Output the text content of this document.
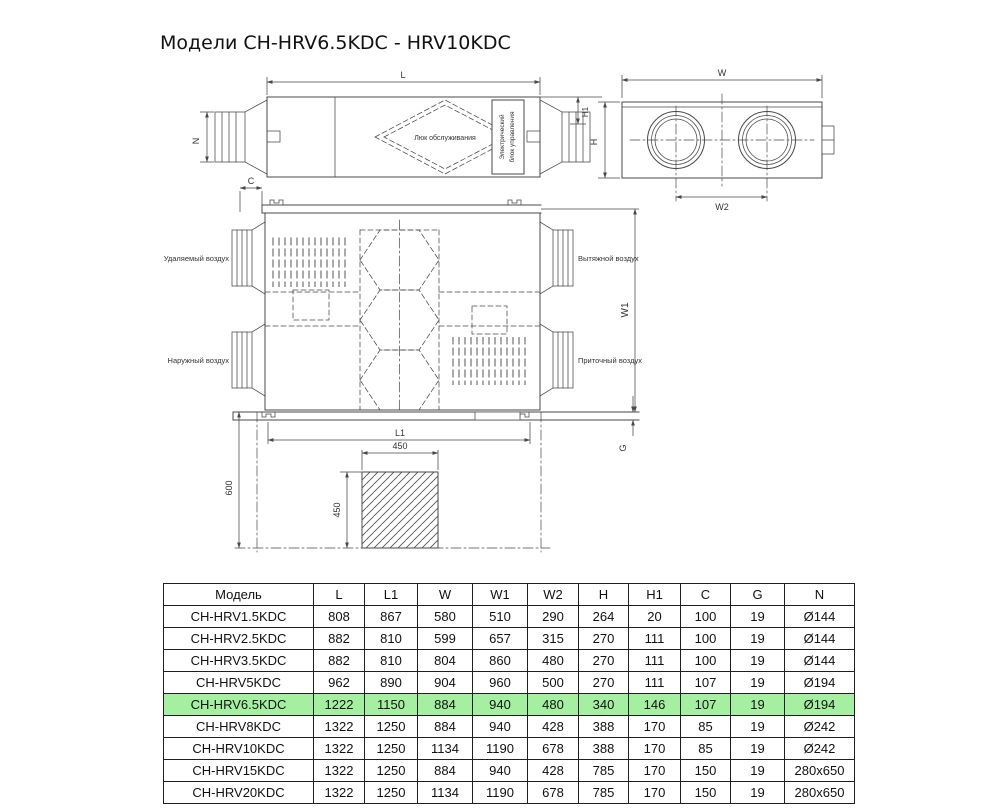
Модели CH-HRV6.5KDC - HRV10KDC
L
Люк обслуживания	Электрический блок управления
N
H1
W
H
W2
C
Удаляемый воздух
Наружный воздух
Вытяжной воздух
Приточный воздух
W1
G
L1
600
450
450
Модель	L	L1	W	W1	W2	H	H1	C	G	N
CH-HRV1.5KDC	808	867	580	510	290	264	20	100	19	Ø144
CH-HRV2.5KDC	882	810	599	657	315	270	111	100	19	Ø144
CH-HRV3.5KDC	882	810	804	860	480	270	111	100	19	Ø144
CH-HRV5KDC	962	890	904	960	500	270	111	107	19	Ø194
CH-HRV6.5KDC	1222	1150	884	940	480	340	146	107	19	Ø194
CH-HRV8KDC	1322	1250	884	940	428	388	170	85	19	Ø242
CH-HRV10KDC	1322	1250	1134	1190	678	388	170	85	19	Ø242
CH-HRV15KDC	1322	1250	884	940	428	785	170	150	19	280x650
CH-HRV20KDC	1322	1250	1134	1190	678	785	170	150	19	280x650
